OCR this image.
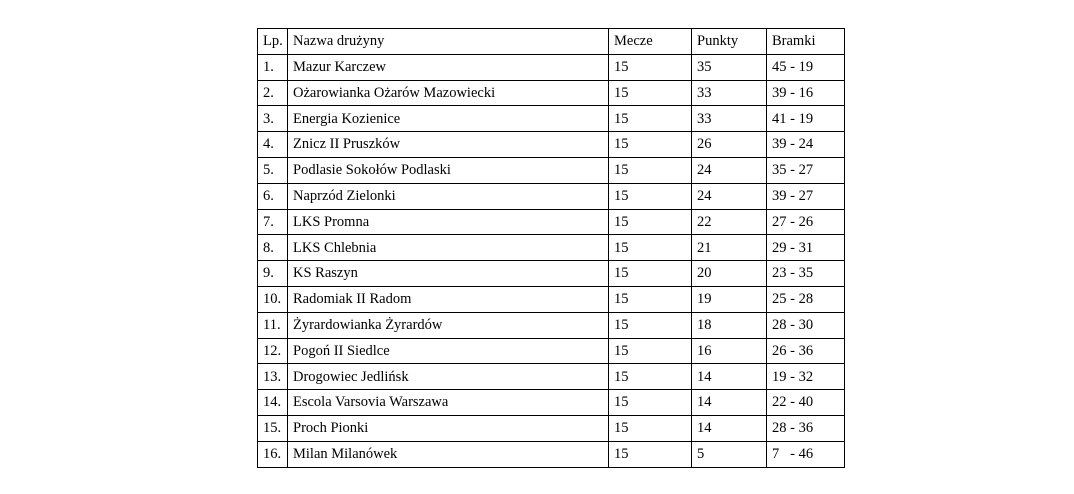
Lp.	Nazwa drużyny	Mecze	Punkty	Bramki
1.	Mazur Karczew	15	35	45 - 19
2.	Ożarowianka Ożarów Mazowiecki	15	33	39 - 16
3.	Energia Kozienice	15	33	41 - 19
4.	Znicz II Pruszków	15	26	39 - 24
5.	Podlasie Sokołów Podlaski	15	24	35 - 27
6.	Naprzód Zielonki	15	24	39 - 27
7.	LKS Promna	15	22	27 - 26
8.	LKS Chlebnia	15	21	29 - 31
9.	KS Raszyn	15	20	23 - 35
10.	Radomiak II Radom	15	19	25 - 28
11.	Żyrardowianka Żyrardów	15	18	28 - 30
12.	Pogoń II Siedlce	15	16	26 - 36
13.	Drogowiec Jedlińsk	15	14	19 - 32
14.	Escola Varsovia Warszawa	15	14	22 - 40
15.	Proch Pionki	15	14	28 - 36
16.	Milan Milanówek	15	5	7   - 46
